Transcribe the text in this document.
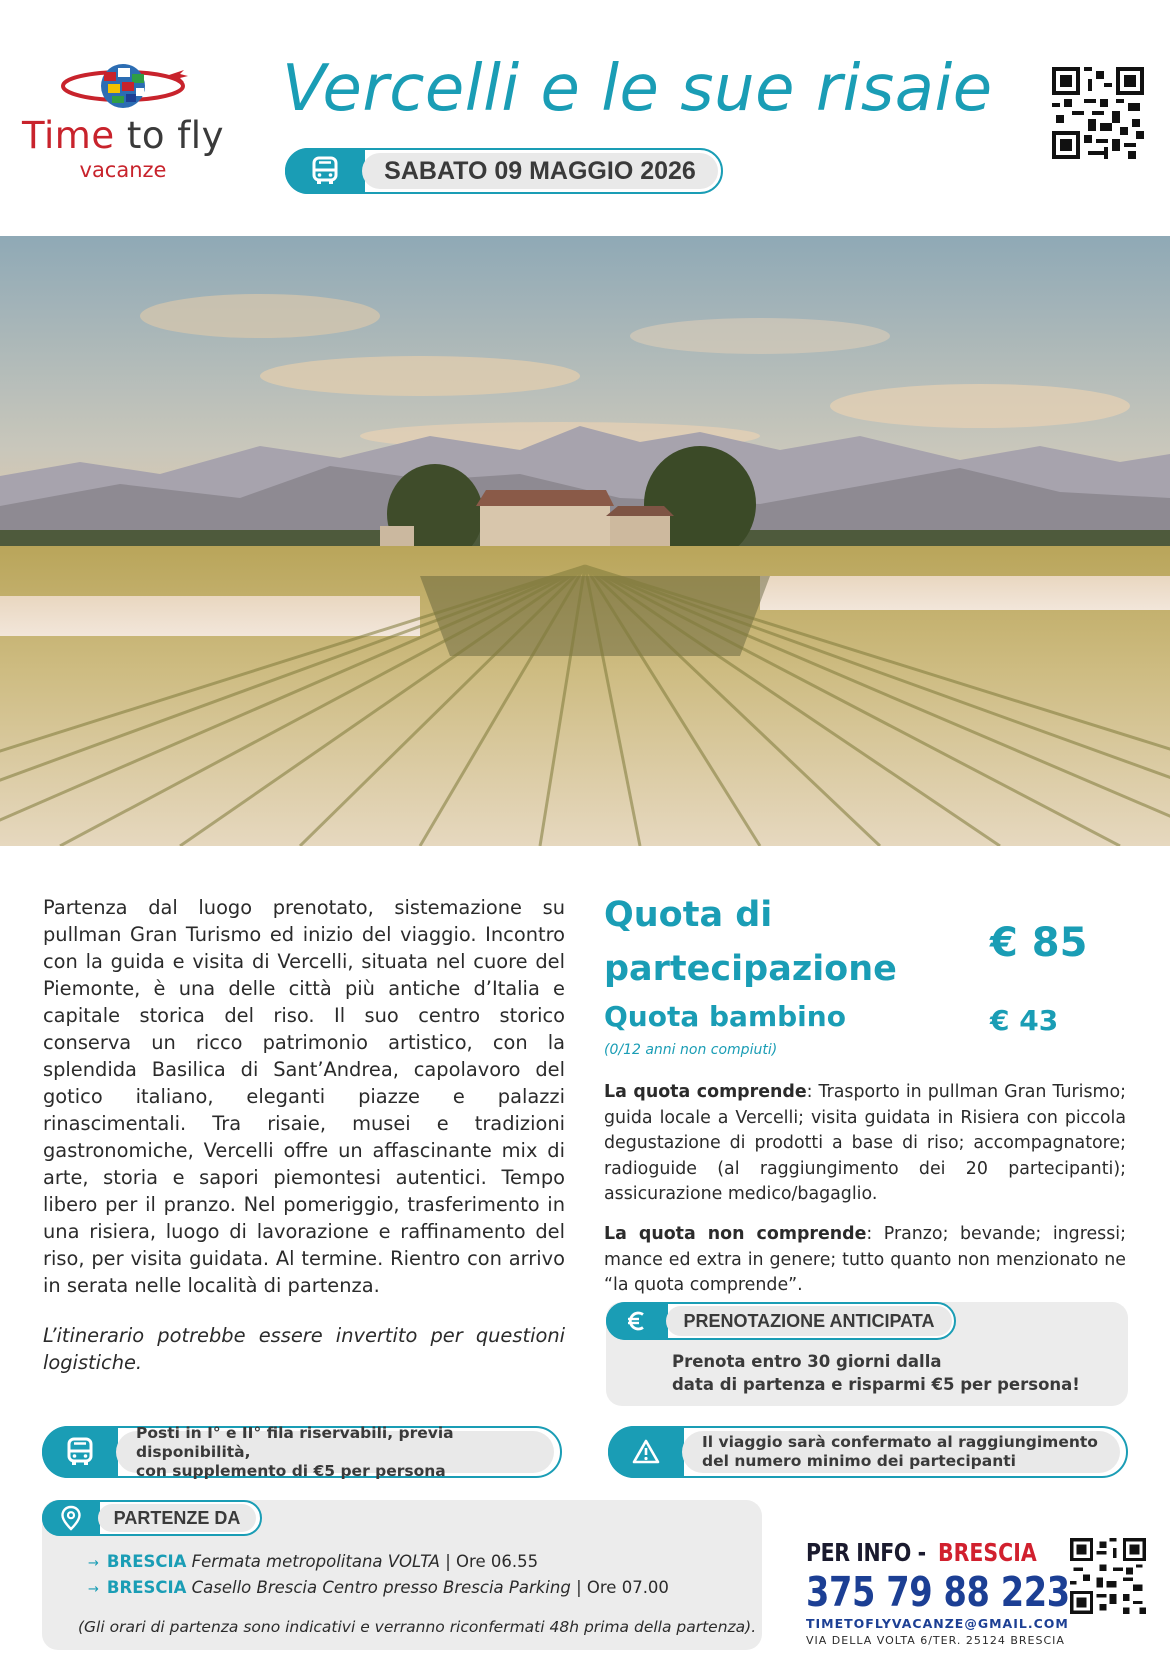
Time to fly
vacanze
Vercelli e le sue risaie
SABATO 09 MAGGIO 2026
Partenza dal luogo prenotato, sistemazione su pullman Gran Turismo ed inizio del viaggio. Incontro con la guida e visita di Vercelli, situata nel cuore del Piemonte, è una delle città più antiche d’Italia e capitale storica del riso. Il suo centro storico conserva un ricco patrimonio artistico, con la splendida Basilica di Sant’Andrea, capolavoro del gotico italiano, eleganti piazze e palazzi rinascimentali. Tra risaie, musei e tradizioni gastronomiche, Vercelli offre un affascinante mix di arte, storia e sapori piemontesi autentici. Tempo libero per il pranzo. Nel pomeriggio, trasferimento in una risiera, luogo di lavorazione e raffinamento del riso, per visita guidata. Al termine. Rientro con arrivo in serata nelle località di partenza.
L’itinerario potrebbe essere invertito per questioni logistiche.
Quota di partecipazione
€ 85
Quota bambino	€ 43
(0/12 anni non compiuti)
La quota comprende: Trasporto in pullman Gran Turismo; guida locale a Vercelli; visita guidata in Risiera con piccola degustazione di prodotti a base di riso; accompagnatore; radioguide (al raggiungimento dei 20 partecipanti); assicurazione medico/bagaglio.
La quota non comprende: Pranzo; bevande; ingressi; mance ed extra in genere; tutto quanto non menzionato ne “la quota comprende”.
PRENOTAZIONE ANTICIPATA
Prenota entro 30 giorni dalla
data di partenza e risparmi €5 per persona!
Posti in I° e II° fila riservabili, previa disponibilità,
con supplemento di €5 per persona
Il viaggio sarà confermato al raggiungimento
del numero minimo dei partecipanti
PARTENZE DA
→ BRESCIA Fermata metropolitana VOLTA | Ore 06.55
→ BRESCIA Casello Brescia Centro presso Brescia Parking | Ore 07.00
(Gli orari di partenza sono indicativi e verranno riconfermati 48h prima della partenza).
PER INFO - BRESCIA
375 79 88 223
TIMETOFLYVACANZE@GMAIL.COM
VIA DELLA VOLTA 6/TER. 25124 BRESCIA
